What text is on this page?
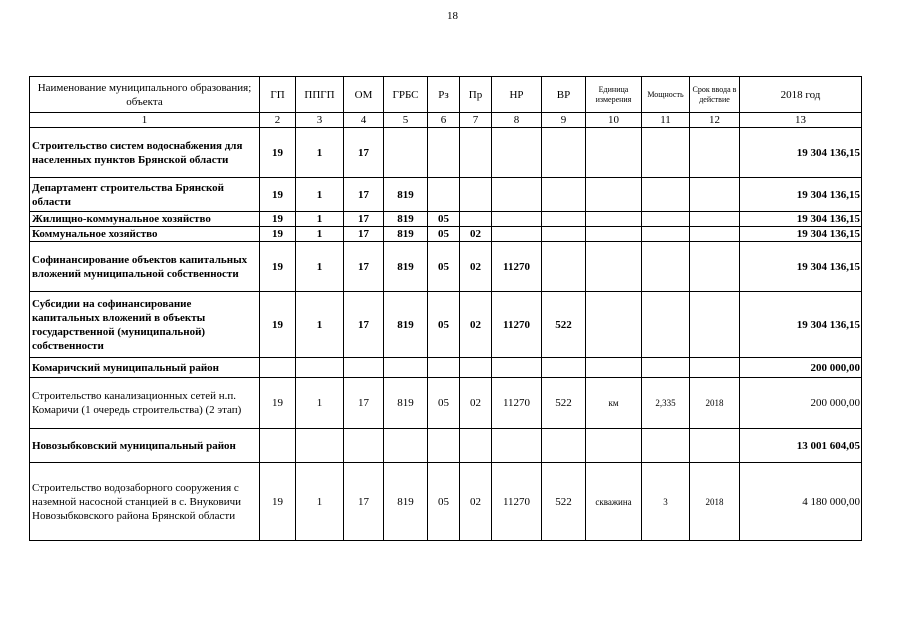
18
Наименование муниципального образования; объекта	ГП	ППГП	ОМ	ГРБС	Рз	Пр	НР	ВР	Единица измерения	Мощность	Срок ввода в действие	2018 год
1	2	3	4	5	6	7	8	9	10	11	12	13
Строительство систем водоснабжения для населенных пунктов Брянской области	19	1	17									19 304 136,15
Департамент строительства Брянской области	19	1	17	819								19 304 136,15
Жилищно-коммунальное хозяйство	19	1	17	819	05							19 304 136,15
Коммунальное хозяйство	19	1	17	819	05	02						19 304 136,15
Софинансирование объектов капитальных вложений муниципальной собственности	19	1	17	819	05	02	11270					19 304 136,15
Субсидии на софинансирование капитальных вложений в объекты государственной (муниципальной) собственности	19	1	17	819	05	02	11270	522				19 304 136,15
Комаричский муниципальный район												200 000,00
Строительство канализационных сетей н.п. Комаричи (1 очередь строительства) (2 этап)	19	1	17	819	05	02	11270	522	км	2,335	2018	200 000,00
Новозыбковский муниципальный район												13 001 604,05
Строительство водозаборного сооружения с наземной насосной станцией в с. Внуковичи Новозыбковского района Брянской области	19	1	17	819	05	02	11270	522	скважина	3	2018	4 180 000,00
